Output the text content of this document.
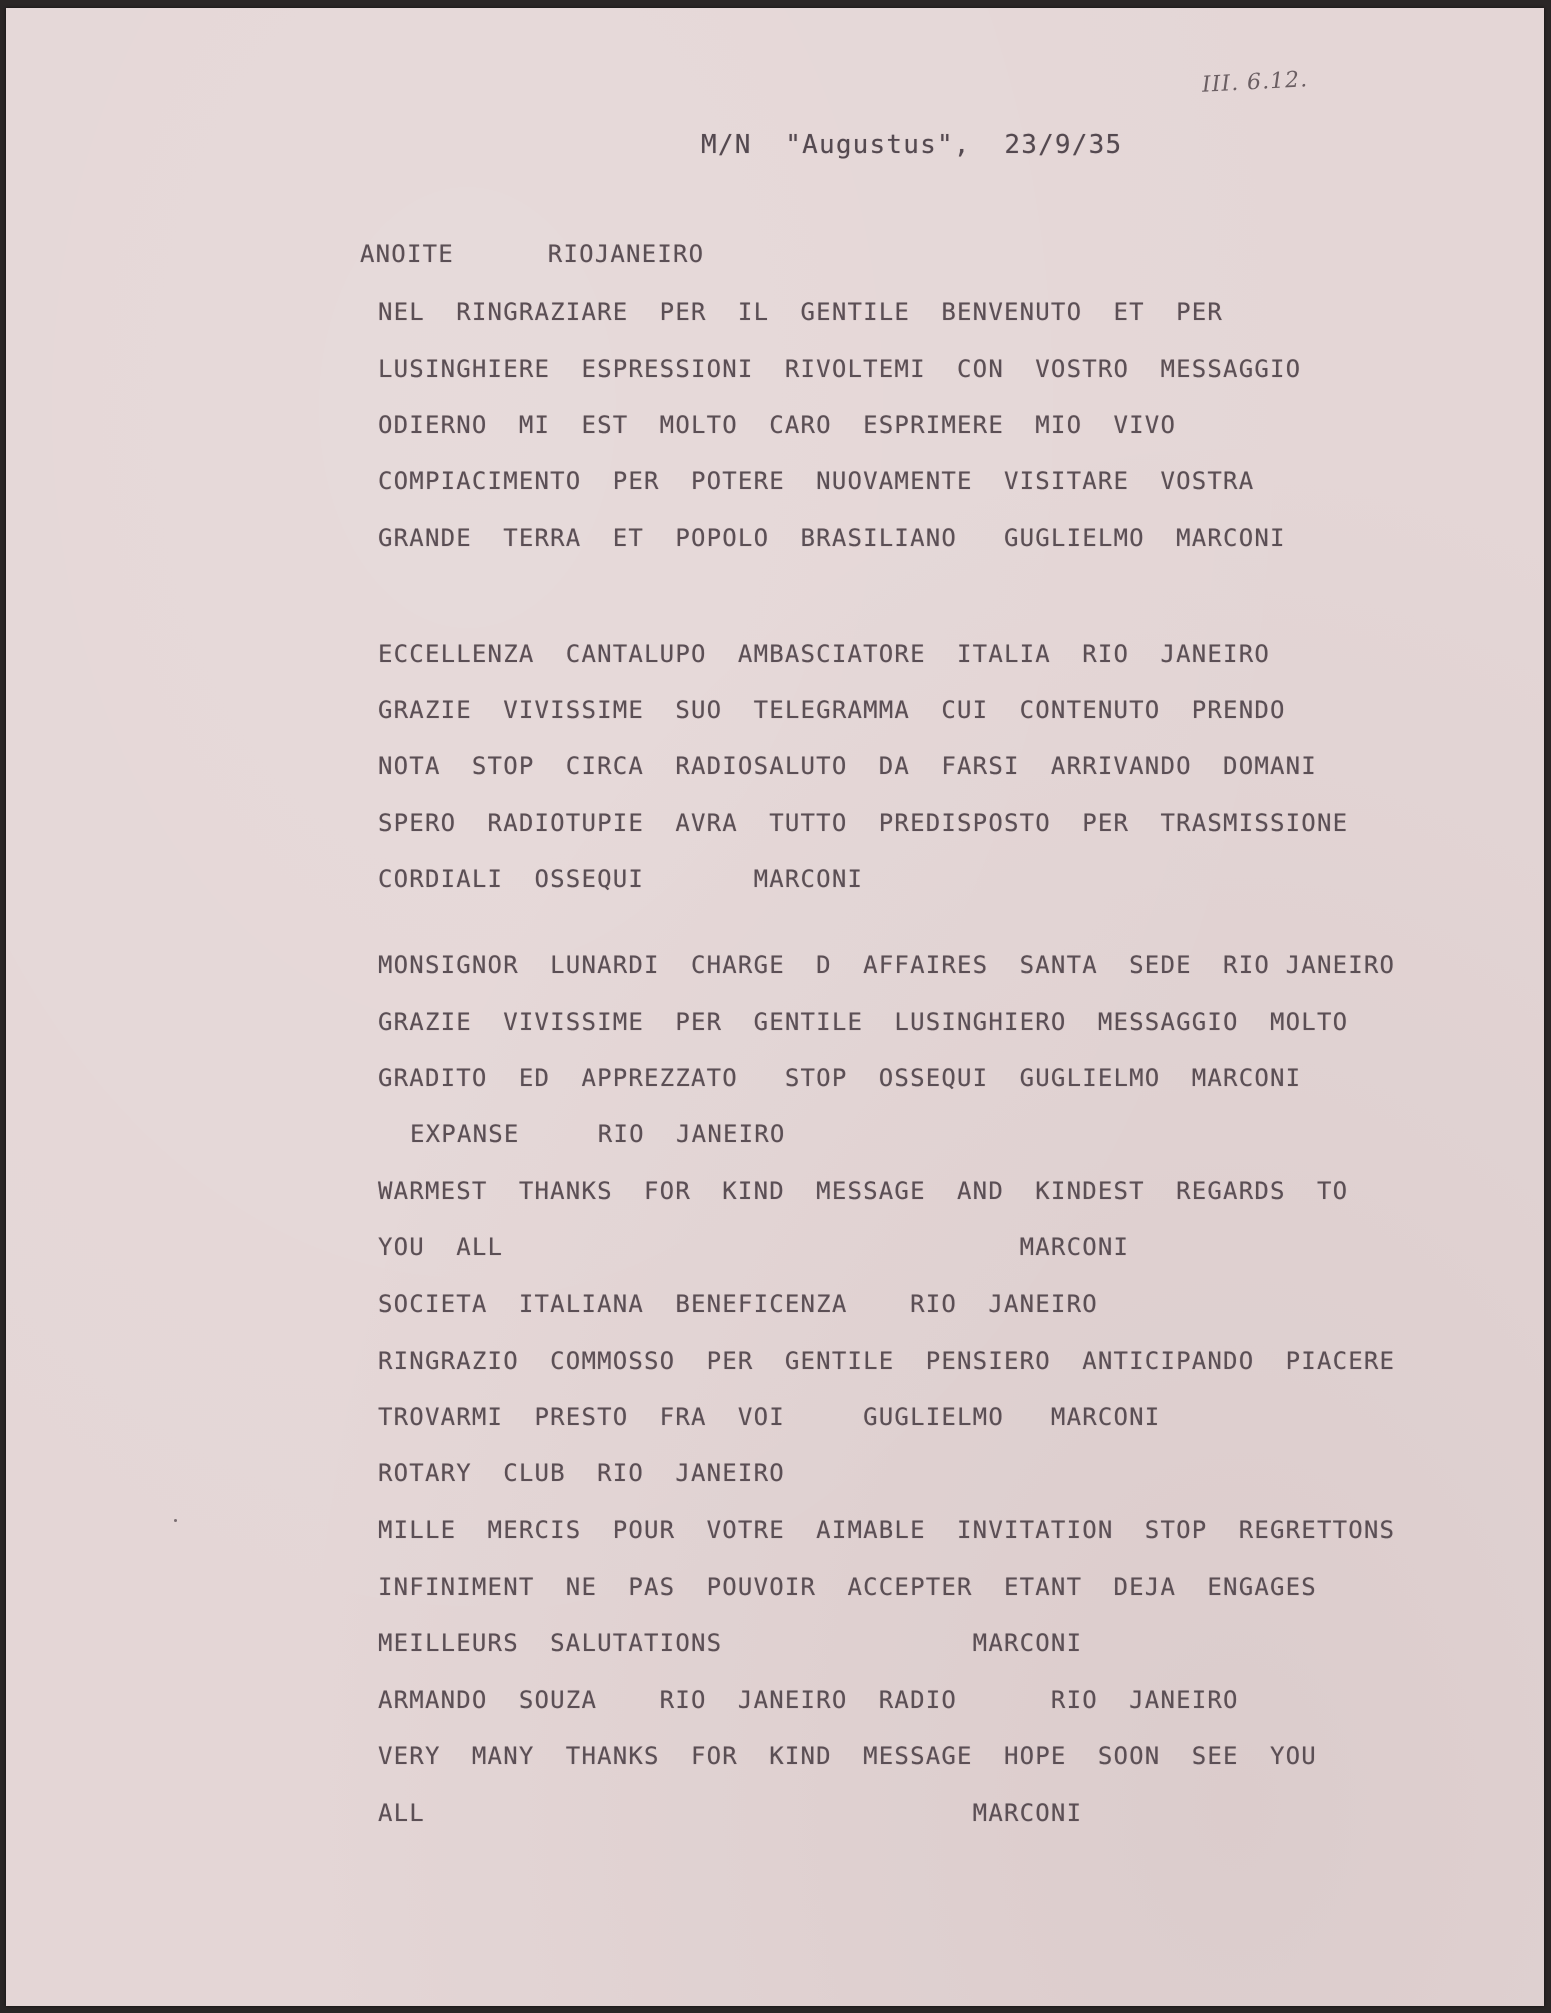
III. 6.12.
M/N  "Augustus",  23/9/35
ANOITE      RIOJANEIRO
NEL  RINGRAZIARE  PER  IL  GENTILE  BENVENUTO  ET  PER
LUSINGHIERE  ESPRESSIONI  RIVOLTEMI  CON  VOSTRO  MESSAGGIO
ODIERNO  MI  EST  MOLTO  CARO  ESPRIMERE  MIO  VIVO
COMPIACIMENTO  PER  POTERE  NUOVAMENTE  VISITARE  VOSTRA
GRANDE  TERRA  ET  POPOLO  BRASILIANO   GUGLIELMO  MARCONI
ECCELLENZA  CANTALUPO  AMBASCIATORE  ITALIA  RIO  JANEIRO
GRAZIE  VIVISSIME  SUO  TELEGRAMMA  CUI  CONTENUTO  PRENDO
NOTA  STOP  CIRCA  RADIOSALUTO  DA  FARSI  ARRIVANDO  DOMANI
SPERO  RADIOTUPIE  AVRA  TUTTO  PREDISPOSTO  PER  TRASMISSIONE
CORDIALI  OSSEQUI       MARCONI
MONSIGNOR  LUNARDI  CHARGE  D  AFFAIRES  SANTA  SEDE  RIO JANEIRO
GRAZIE  VIVISSIME  PER  GENTILE  LUSINGHIERO  MESSAGGIO  MOLTO
GRADITO  ED  APPREZZATO   STOP  OSSEQUI  GUGLIELMO  MARCONI
EXPANSE     RIO  JANEIRO
WARMEST  THANKS  FOR  KIND  MESSAGE  AND  KINDEST  REGARDS  TO
YOU  ALL                                 MARCONI
SOCIETA  ITALIANA  BENEFICENZA    RIO  JANEIRO
RINGRAZIO  COMMOSSO  PER  GENTILE  PENSIERO  ANTICIPANDO  PIACERE
TROVARMI  PRESTO  FRA  VOI     GUGLIELMO   MARCONI
ROTARY  CLUB  RIO  JANEIRO
MILLE  MERCIS  POUR  VOTRE  AIMABLE  INVITATION  STOP  REGRETTONS
INFINIMENT  NE  PAS  POUVOIR  ACCEPTER  ETANT  DEJA  ENGAGES
MEILLEURS  SALUTATIONS                MARCONI
ARMANDO  SOUZA    RIO  JANEIRO  RADIO      RIO  JANEIRO
VERY  MANY  THANKS  FOR  KIND  MESSAGE  HOPE  SOON  SEE  YOU
ALL                                   MARCONI
